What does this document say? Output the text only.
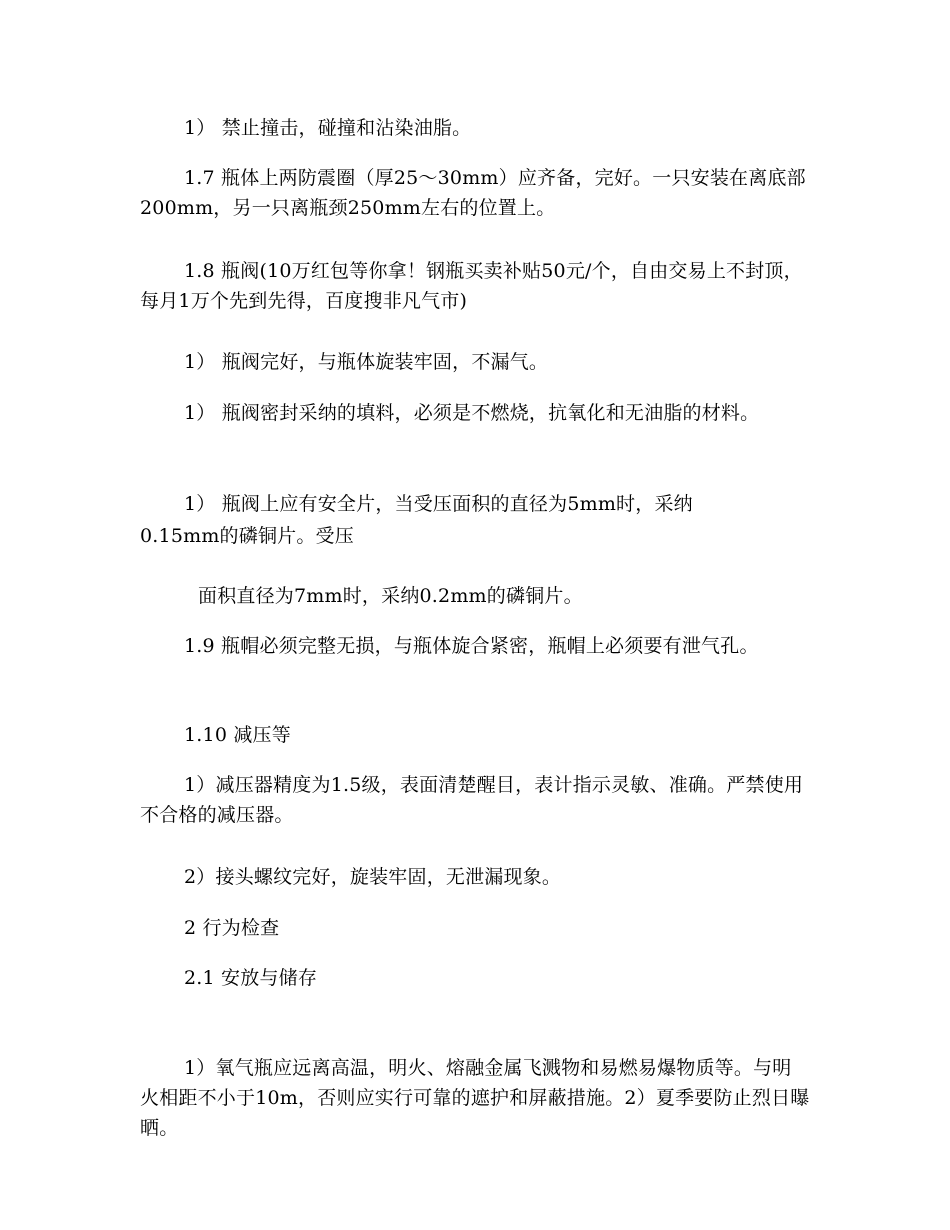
1） 禁止撞击，碰撞和沾染油脂。

1.7 瓶体上两防震圈（厚25～30mm）应齐备，完好。一只安装在离底部200mm，另一只离瓶颈250mm左右的位置上。

1.8 瓶阀(10万红包等你拿！钢瓶买卖补贴50元/个，自由交易上不封顶，每月1万个先到先得，百度搜非凡气市)

1） 瓶阀完好，与瓶体旋装牢固，不漏气。

1） 瓶阀密封采纳的填料，必须是不燃烧，抗氧化和无油脂的材料。

1） 瓶阀上应有安全片，当受压面积的直径为5mm时，采纳

0.15mm的磷铜片。受压

面积直径为7mm时，采纳0.2mm的磷铜片。

1.9 瓶帽必须完整无损，与瓶体旋合紧密，瓶帽上必须要有泄气孔。

1.10 减压等

1）减压器精度为1.5级，表面清楚醒目，表计指示灵敏、准确。严禁使用不合格的减压器。

2）接头螺纹完好，旋装牢固，无泄漏现象。

2 行为检查

2.1 安放与储存

1）氧气瓶应远离高温，明火、熔融金属飞溅物和易燃易爆物质等。与明火相距不小于10m，否则应实行可靠的遮护和屏蔽措施。2）夏季要防止烈日曝晒。
